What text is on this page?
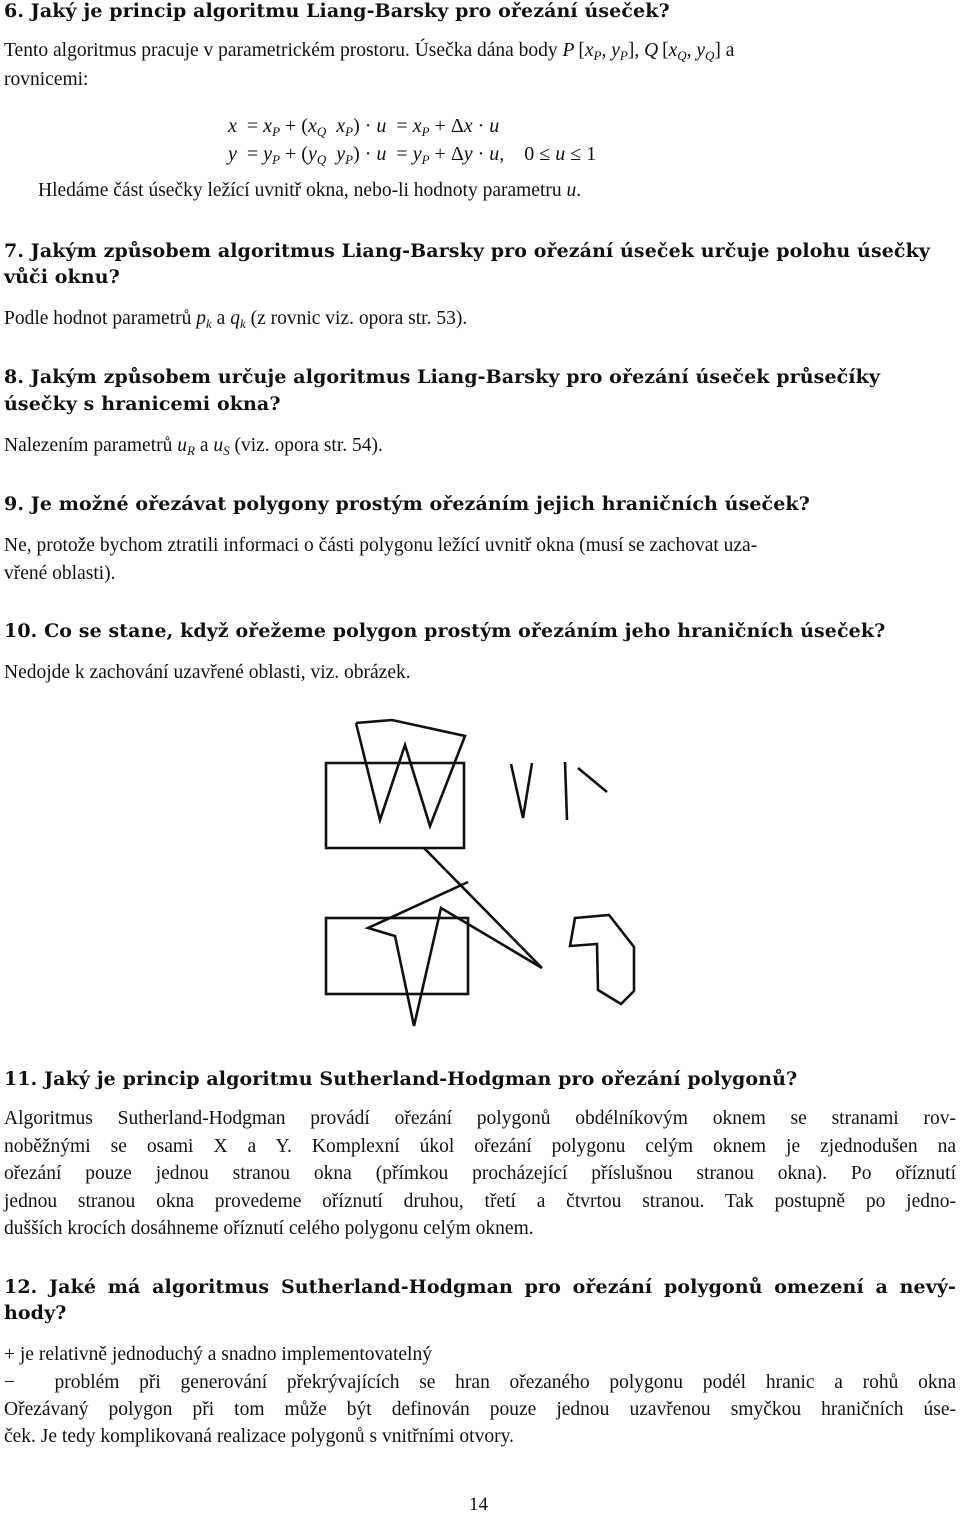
6. Jaký je princip algoritmu Liang-Barsky pro ořezání úseček?
Tento algoritmus pracuje v parametrickém prostoru. Úsečka dána body P [$x_P$, $y_P$], Q [$x_Q$, $y_Q$] a
rovnicemi:
$x = x_P + (x_Q$ $x_P) \cdot u = x_P + \Delta x \cdot u$
$y = y_P + (y_Q$ $y_P) \cdot u = y_P + \Delta y \cdot u$,    0 ≤ u ≤ 1
Hledáme část úsečky ležící uvnitř okna, nebo-li hodnoty parametru u.
7. Jakým způsobem algoritmus Liang-Barsky pro ořezání úseček určuje polohu úsečky
vůči oknu?
Podle hodnot parametrů $p_k$ a $q_k$ (z rovnic viz. opora str. 53).
8. Jakým způsobem určuje algoritmus Liang-Barsky pro ořezání úseček průsečíky
úsečky s hranicemi okna?
Nalezením parametrů $u_R$ a $u_S$ (viz. opora str. 54).
9. Je možné ořezávat polygony prostým ořezáním jejich hraničních úseček?
Ne, protože bychom ztratili informaci o části polygonu ležící uvnitř okna (musí se zachovat uza-
vřené oblasti).
10. Co se stane, když ořežeme polygon prostým ořezáním jeho hraničních úseček?
Nedojde k zachování uzavřené oblasti, viz. obrázek.
11. Jaký je princip algoritmu Sutherland-Hodgman pro ořezání polygonů?
Algoritmus Sutherland-Hodgman provádí ořezání polygonů obdélníkovým oknem se stranami rov-
noběžnými se osami X a Y. Komplexní úkol ořezání polygonu celým oknem je zjednodušen na
ořezání pouze jednou stranou okna (přímkou procházející příslušnou stranou okna). Po oříznutí
jednou stranou okna provedeme oříznutí druhou, třetí a čtvrtou stranou. Tak postupně po jedno-
dušších krocích dosáhneme oříznutí celého polygonu celým oknem.
12. Jaké má algoritmus Sutherland-Hodgman pro ořezání polygonů omezení a nevý-
hody?
+ je relativně jednoduchý a snadno implementovatelný
− problém při generování překrývajících se hran ořezaného polygonu podél hranic a rohů okna
Ořezávaný polygon při tom může být definován pouze jednou uzavřenou smyčkou hraničních úse-
ček. Je tedy komplikovaná realizace polygonů s vnitřními otvory.
14
